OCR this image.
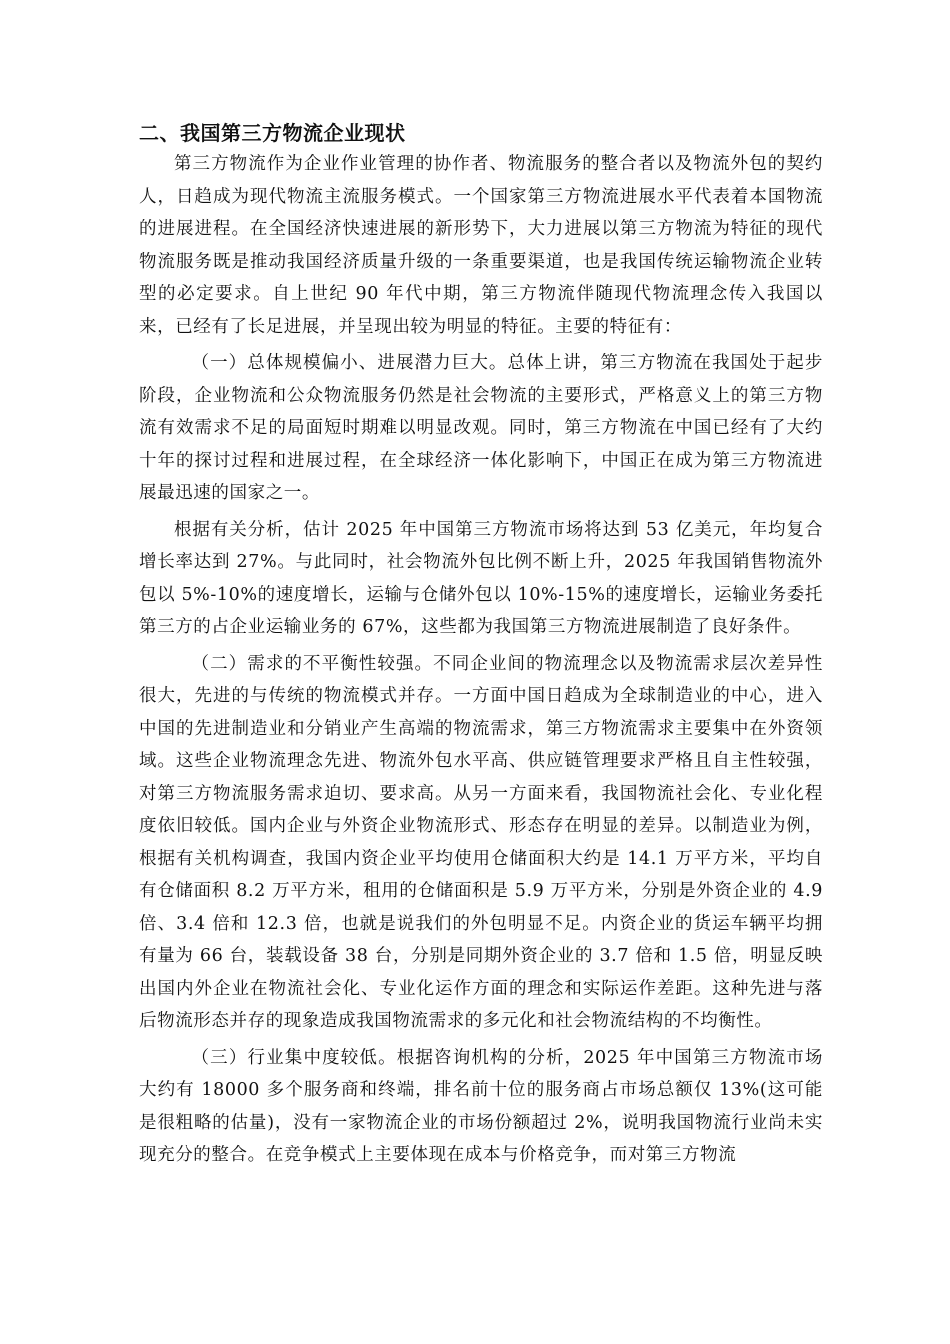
二、我国第三方物流企业现状

第三方物流作为企业作业管理的协作者、物流服务的整合者以及物流外包的契约人，日趋成为现代物流主流服务模式。一个国家第三方物流进展水平代表着本国物流的进展进程。在全国经济快速进展的新形势下，大力进展以第三方物流为特征的现代物流服务既是推动我国经济质量升级的一条重要渠道，也是我国传统运输物流企业转型的必定要求。自上世纪 90 年代中期，第三方物流伴随现代物流理念传入我国以来，已经有了长足进展，并呈现出较为明显的特征。主要的特征有：

（一）总体规模偏小、进展潜力巨大。总体上讲，第三方物流在我国处于起步阶段，企业物流和公众物流服务仍然是社会物流的主要形式，严格意义上的第三方物流有效需求不足的局面短时期难以明显改观。同时，第三方物流在中国已经有了大约十年的探讨过程和进展过程，在全球经济一体化影响下，中国正在成为第三方物流进展最迅速的国家之一。

根据有关分析，估计 2025 年中国第三方物流市场将达到 53 亿美元，年均复合增长率达到 27%。与此同时，社会物流外包比例不断上升，2025 年我国销售物流外包以 5%-10%的速度增长，运输与仓储外包以 10%-15%的速度增长，运输业务委托第三方的占企业运输业务的 67%，这些都为我国第三方物流进展制造了良好条件。

（二）需求的不平衡性较强。不同企业间的物流理念以及物流需求层次差异性很大，先进的与传统的物流模式并存。一方面中国日趋成为全球制造业的中心，进入中国的先进制造业和分销业产生高端的物流需求，第三方物流需求主要集中在外资领域。这些企业物流理念先进、物流外包水平高、供应链管理要求严格且自主性较强，对第三方物流服务需求迫切、要求高。从另一方面来看，我国物流社会化、专业化程度依旧较低。国内企业与外资企业物流形式、形态存在明显的差异。以制造业为例，根据有关机构调查，我国内资企业平均使用仓储面积大约是 14.1 万平方米，平均自有仓储面积 8.2 万平方米，租用的仓储面积是 5.9 万平方米，分别是外资企业的 4.9 倍、3.4 倍和 12.3 倍，也就是说我们的外包明显不足。内资企业的货运车辆平均拥有量为 66 台，装载设备 38 台，分别是同期外资企业的 3.7 倍和 1.5 倍，明显反映出国内外企业在物流社会化、专业化运作方面的理念和实际运作差距。这种先进与落后物流形态并存的现象造成我国物流需求的多元化和社会物流结构的不均衡性。

（三）行业集中度较低。根据咨询机构的分析，2025 年中国第三方物流市场大约有 18000 多个服务商和终端，排名前十位的服务商占市场总额仅 13%(这可能是很粗略的估量)，没有一家物流企业的市场份额超过 2%，说明我国物流行业尚未实现充分的整合。在竞争模式上主要体现在成本与价格竞争，而对第三方物流
